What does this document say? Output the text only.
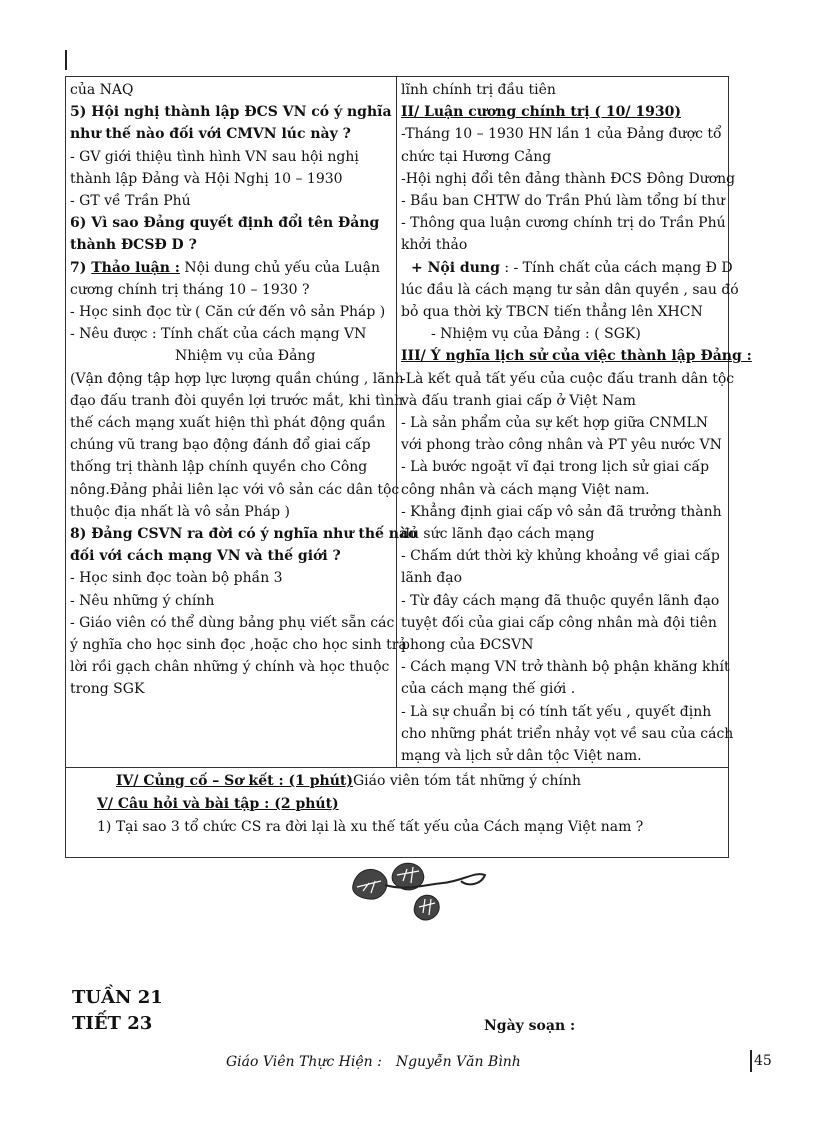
của NAQ
5) Hội nghị thành lập ĐCS VN có ý nghĩa
như thế nào đối với CMVN lúc này ?
- GV giới thiệu tình hình VN sau hội nghị
thành lập Đảng và Hội Nghị 10 – 1930
- GT về Trần Phú
6) Vì sao Đảng quyết định đổi tên Đảng
thành ĐCSĐ D ?
7) Thảo luận : Nội dung chủ yếu của Luận
cương chính trị tháng 10 – 1930 ?
- Học sinh đọc từ ( Căn cứ đến vô sản Pháp )
- Nêu được : Tính chất của cách mạng VN
Nhiệm vụ của Đảng
(Vận động tập hợp lực lượng quần chúng , lãnh
đạo đấu tranh đòi quyền lợi trước mắt, khi tình
thế cách mạng xuất hiện thì phát động quần
chúng vũ trang bạo động đánh đổ giai cấp
thống trị thành lập chính quyền cho Công
nông.Đảng phải liên lạc với vô sản các dân tộc
thuộc địa nhất là vô sản Pháp )
8) Đảng CSVN ra đời có ý nghĩa như thế nào
đối với cách mạng VN và thế giới ?
- Học sinh đọc toàn bộ phần 3
- Nêu những ý chính
- Giáo viên có thể dùng bảng phụ viết sẵn các
ý nghĩa cho học sinh đọc ,hoặc cho học sinh trả
lời rồi gạch chân những ý chính và học thuộc
trong SGK
lĩnh chính trị đầu tiên
II/ Luận cương chính trị ( 10/ 1930)
-Tháng 10 – 1930 HN lần 1 của Đảng được tổ
chức tại Hương Cảng
-Hội nghị đổi tên đảng thành ĐCS Đông Dương
- Bầu ban CHTW do Trần Phú làm tổng bí thư
- Thông qua luận cương chính trị do Trần Phú
khởi thảo
+ Nội dung : - Tính chất của cách mạng Đ D
lúc đầu là cách mạng tư sản dân quyền , sau đó
bỏ qua thời kỳ TBCN tiến thẳng lên XHCN
- Nhiệm vụ của Đảng : ( SGK)
III/ Ý nghĩa lịch sử của việc thành lập Đảng :
-Là kết quả tất yếu của cuộc đấu tranh dân tộc
và đấu tranh giai cấp ở Việt Nam
- Là sản phẩm của sự kết hợp giữa CNMLN
với phong trào công nhân và PT yêu nước VN
- Là bước ngoặt vĩ đại trong lịch sử giai cấp
công nhân và cách mạng Việt nam.
- Khẳng định giai cấp vô sản đã trưởng thành
đủ sức lãnh đạo cách mạng
- Chấm dứt thời kỳ khủng khoảng về giai cấp
lãnh đạo
- Từ đây cách mạng đã thuộc quyền lãnh đạo
tuyệt đối của giai cấp công nhân mà đội tiên
phong của ĐCSVN
- Cách mạng VN trở thành bộ phận khăng khít
của cách mạng thế giới .
- Là sự chuẩn bị có tính tất yếu , quyết định
cho những phát triển nhảy vọt về sau của cách
mạng và lịch sử dân tộc Việt nam.
IV/ Củng cố – Sơ kết : (1 phút)Giáo viên tóm tắt những ý chính
V/ Câu hỏi và bài tập : (2 phút)
1) Tại sao 3 tổ chức CS ra đời lại là xu thế tất yếu của Cách mạng Việt nam ?
TUẦN 21
TIẾT 23	Ngày soạn :
Giáo Viên Thực Hiện : Nguyễn Văn Bình	45
